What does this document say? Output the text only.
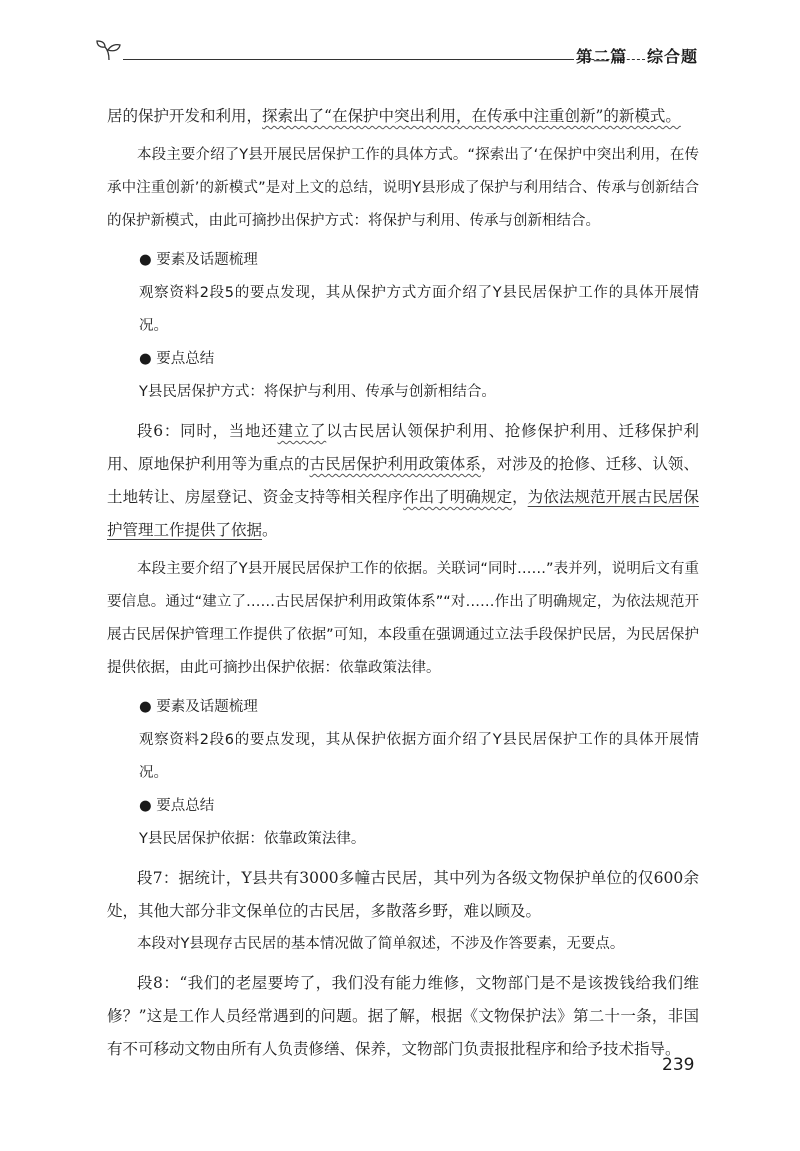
第二篇 综合题

居的保护开发和利用，探索出了“在保护中突出利用，在传承中注重创新”的新模式。

本段主要介绍了Y县开展民居保护工作的具体方式。“探索出了‘在保护中突出利用，在传承中注重创新’的新模式”是对上文的总结，说明Y县形成了保护与利用结合、传承与创新结合的保护新模式，由此可摘抄出保护方式：将保护与利用、传承与创新相结合。

● 要素及话题梳理

观察资料2段5的要点发现，其从保护方式方面介绍了Y县民居保护工作的具体开展情况。

● 要点总结

Y县民居保护方式：将保护与利用、传承与创新相结合。

段6：同时，当地还建立了以古民居认领保护利用、抢修保护利用、迁移保护利用、原地保护利用等为重点的古民居保护利用政策体系，对涉及的抢修、迁移、认领、土地转让、房屋登记、资金支持等相关程序作出了明确规定，为依法规范开展古民居保护管理工作提供了依据。

本段主要介绍了Y县开展民居保护工作的依据。关联词“同时……”表并列，说明后文有重要信息。通过“建立了……古民居保护利用政策体系”“对……作出了明确规定，为依法规范开展古民居保护管理工作提供了依据”可知，本段重在强调通过立法手段保护民居，为民居保护提供依据，由此可摘抄出保护依据：依靠政策法律。

● 要素及话题梳理

观察资料2段6的要点发现，其从保护依据方面介绍了Y县民居保护工作的具体开展情况。

● 要点总结

Y县民居保护依据：依靠政策法律。

段7：据统计，Y县共有3000多幢古民居，其中列为各级文物保护单位的仅600余处，其他大部分非文保单位的古民居，多散落乡野，难以顾及。

本段对Y县现存古民居的基本情况做了简单叙述，不涉及作答要素，无要点。

段8：“我们的老屋要垮了，我们没有能力维修，文物部门是不是该拨钱给我们维修？”这是工作人员经常遇到的问题。据了解，根据《文物保护法》第二十一条，非国有不可移动文物由所有人负责修缮、保养，文物部门负责报批程序和给予技术指导。

239
